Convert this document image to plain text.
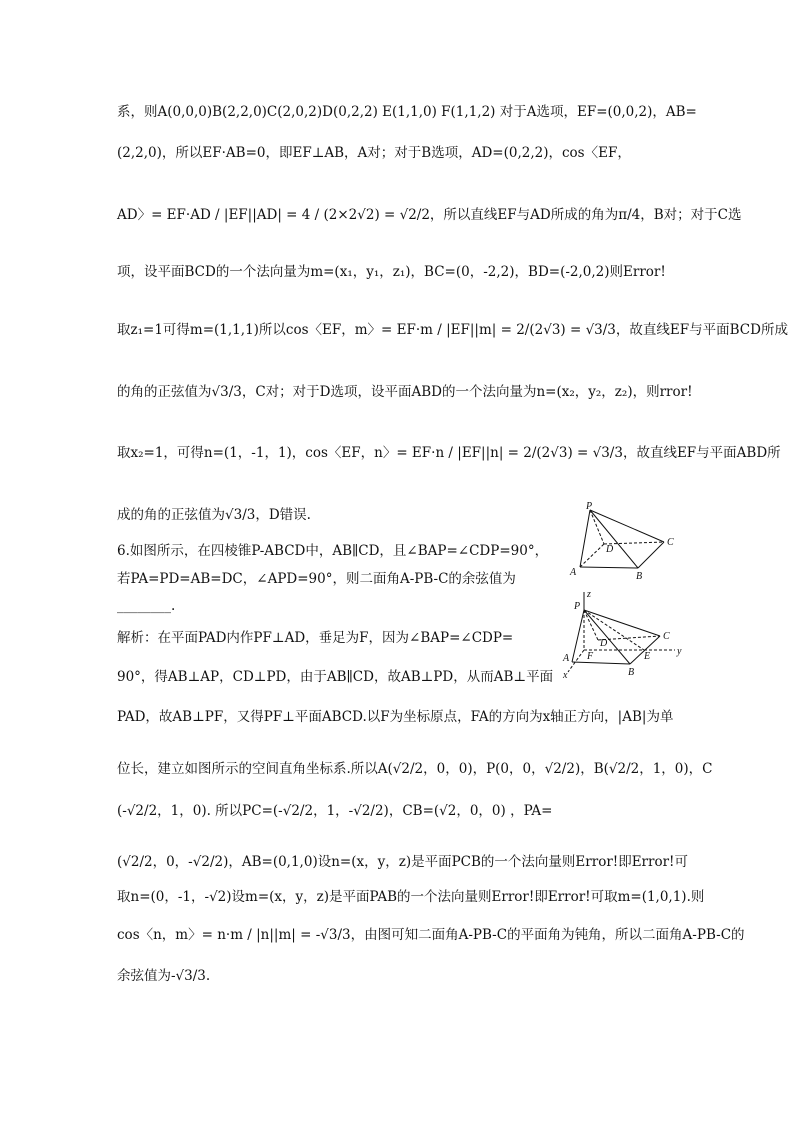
系，则A(0,0,0)B(2,2,0)C(2,0,2)D(0,2,2) E(1,1,0) F(1,1,2) 对于A选项，EF=(0,0,2)，AB=
(2,2,0)，所以EF·AB=0，即EF⊥AB，A对；对于B选项，AD=(0,2,2)，cos〈EF，
AD〉= EF·AD / |EF||AD| = 4 / (2×2√2) = √2/2，所以直线EF与AD所成的角为π/4，B对；对于C选
项，设平面BCD的一个法向量为m=(x₁，y₁，z₁)，BC=(0，-2,2)，BD=(-2,0,2)则Error!
取z₁=1可得m=(1,1,1)所以cos〈EF，m〉= EF·m / |EF||m| = 2/(2√3) = √3/3，故直线EF与平面BCD所成
的角的正弦值为√3/3，C对；对于D选项，设平面ABD的一个法向量为n=(x₂，y₂，z₂)，则rror!
取x₂=1，可得n=(1，-1，1)，cos〈EF，n〉= EF·n / |EF||n| = 2/(2√3) = √3/3，故直线EF与平面ABD所
成的角的正弦值为√3/3，D错误.
6.如图所示，在四棱锥P-ABCD中，AB∥CD，且∠BAP=∠CDP=90°，
若PA=PD=AB=DC，∠APD=90°，则二面角A-PB-C的余弦值为
________.
解析：在平面PAD内作PF⊥AD，垂足为F，因为∠BAP=∠CDP=
90°，得AB⊥AP，CD⊥PD，由于AB∥CD，故AB⊥PD，从而AB⊥平面
PAD，故AB⊥PF，又得PF⊥平面ABCD.以F为坐标原点，FA的方向为x轴正方向，|AB|为单
位长，建立如图所示的空间直角坐标系.所以A(√2/2，0，0)，P(0，0，√2/2)，B(√2/2，1，0)，C
(-√2/2，1，0). 所以PC=(-√2/2，1，-√2/2)，CB=(√2，0，0) ，PA=
(√2/2，0，-√2/2)，AB=(0,1,0)设n=(x，y，z)是平面PCB的一个法向量则Error!即Error!可
取n=(0，-1，-√2)设m=(x，y，z)是平面PAB的一个法向量则Error!即Error!可取m=(1,0,1).则
cos〈n，m〉= n·m / |n||m| = -√3/3，由图可知二面角A-PB-C的平面角为钝角，所以二面角A-PB-C的
余弦值为-√3/3.
P
D
C
A	B
z
P
C
D
F	E	y
A
B
x
